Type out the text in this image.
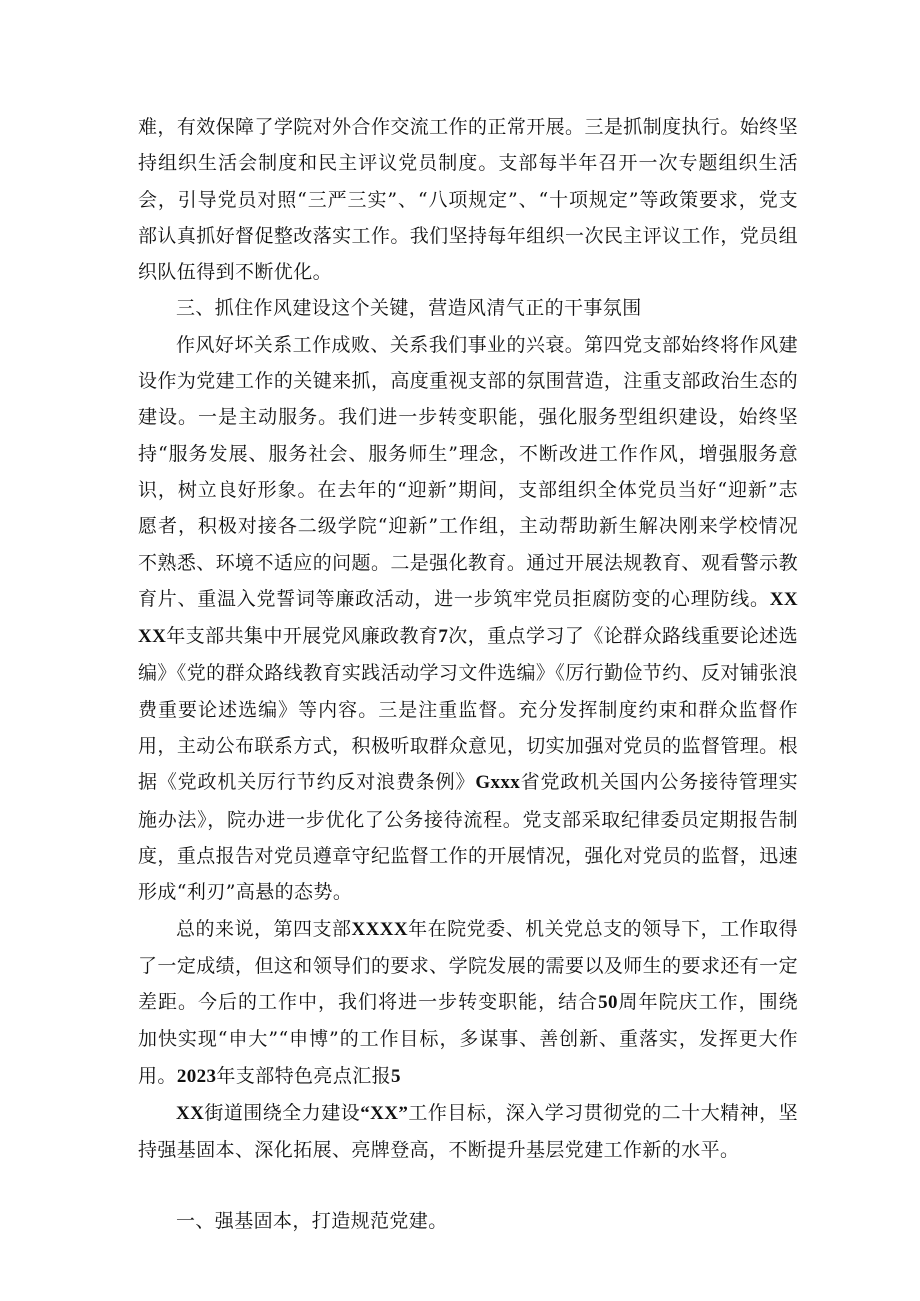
难，有效保障了学院对外合作交流工作的正常开展。三是抓制度执行。始终坚持组织生活会制度和民主评议党员制度。支部每半年召开一次专题组织生活会，引导党员对照“三严三实”、“八项规定”、“十项规定”等政策要求，党支部认真抓好督促整改落实工作。我们坚持每年组织一次民主评议工作，党员组织队伍得到不断优化。

三、抓住作风建设这个关键，营造风清气正的干事氛围

作风好坏关系工作成败、关系我们事业的兴衰。第四党支部始终将作风建设作为党建工作的关键来抓，高度重视支部的氛围营造，注重支部政治生态的建设。一是主动服务。我们进一步转变职能，强化服务型组织建设，始终坚持“服务发展、服务社会、服务师生”理念，不断改进工作作风，增强服务意识，树立良好形象。在去年的“迎新”期间，支部组织全体党员当好“迎新”志愿者，积极对接各二级学院“迎新”工作组，主动帮助新生解决刚来学校情况不熟悉、环境不适应的问题。二是强化教育。通过开展法规教育、观看警示教育片、重温入党誓词等廉政活动，进一步筑牢党员拒腐防变的心理防线。XXXX年支部共集中开展党风廉政教育7次，重点学习了《论群众路线重要论述选编》《党的群众路线教育实践活动学习文件选编》《厉行勤俭节约、反对铺张浪费重要论述选编》等内容。三是注重监督。充分发挥制度约束和群众监督作用，主动公布联系方式，积极听取群众意见，切实加强对党员的监督管理。根据《党政机关厉行节约反对浪费条例》Gxxx省党政机关国内公务接待管理实施办法》，院办进一步优化了公务接待流程。党支部采取纪律委员定期报告制度，重点报告对党员遵章守纪监督工作的开展情况，强化对党员的监督，迅速形成“利刃”高悬的态势。

总的来说，第四支部XXXX年在院党委、机关党总支的领导下，工作取得了一定成绩，但这和领导们的要求、学院发展的需要以及师生的要求还有一定差距。今后的工作中，我们将进一步转变职能，结合50周年院庆工作，围绕加快实现“申大”“申博”的工作目标，多谋事、善创新、重落实，发挥更大作用。2023年支部特色亮点汇报5

XX街道围绕全力建设“XX”工作目标，深入学习贯彻党的二十大精神，坚持强基固本、深化拓展、亮牌登高，不断提升基层党建工作新的水平。

一、强基固本，打造规范党建。
